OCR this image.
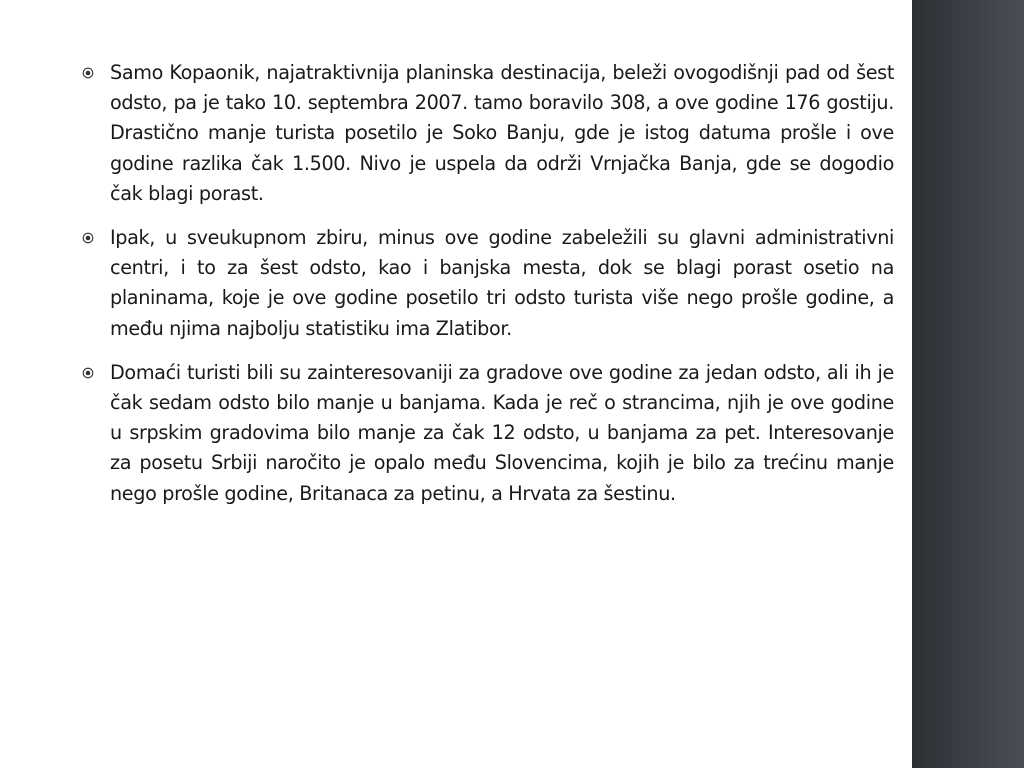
Samo Kopaonik, najatraktivnija planinska destinacija, beleži ovogodišnji pad od šest odsto, pa je tako 10. septembra 2007. tamo boravilo 308, a ove godine 176 gostiju. Drastično manje turista posetilo je Soko Banju, gde je istog datuma prošle i ove godine razlika čak 1.500. Nivo je uspela da održi Vrnjačka Banja, gde se dogodio čak blagi porast.
Ipak, u sveukupnom zbiru, minus ove godine zabeležili su glavni administrativni centri, i to za šest odsto, kao i banjska mesta, dok se blagi porast osetio na planinama, koje je ove godine posetilo tri odsto turista više nego prošle godine, a među njima najbolju statistiku ima Zlatibor.
Domaći turisti bili su zainteresovaniji za gradove ove godine za jedan odsto, ali ih je čak sedam odsto bilo manje u banjama. Kada je reč o strancima, njih je ove godine u srpskim gradovima bilo manje za čak 12 odsto, u banjama za pet. Interesovanje za posetu Srbiji naročito je opalo među Slovencima, kojih je bilo za trećinu manje nego prošle godine, Britanaca za petinu, a Hrvata za šestinu.
